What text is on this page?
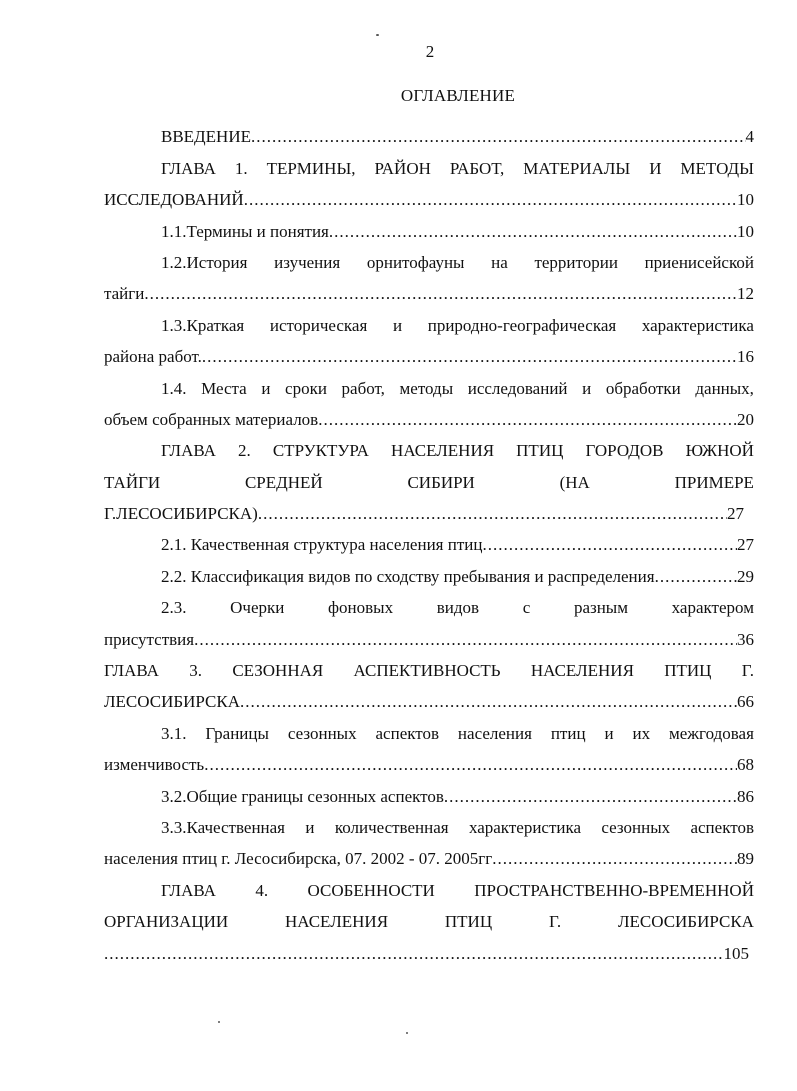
2
ОГЛАВЛЕНИЕ
ВВЕДЕНИЕ .....	4
ГЛАВА 1. ТЕРМИНЫ, РАЙОН РАБОТ, МАТЕРИАЛЫ И МЕТОДЫ
ИССЛЕДОВАНИЙ .....	10
1.1.Термины и понятия .....	10
1.2.История изучения орнитофауны на территории приенисейской
тайги .....	12
1.3.Краткая историческая и природно-географическая характеристика
района работ. .....	16
1.4. Места и сроки работ, методы исследований и обработки данных,
объем собранных материалов .....	20
ГЛАВА 2. СТРУКТУРА НАСЕЛЕНИЯ ПТИЦ ГОРОДОВ ЮЖНОЙ
ТАЙГИ	СРЕДНЕЙ	СИБИРИ	(НА	ПРИМЕРЕ
Г.ЛЕСОСИБИРСКА) .....	27
2.1. Качественная структура населения птиц .....	27
2.2. Классификация видов по сходству пребывания и распределения .....	29
2.3.	Очерки	фоновых	видов	с	разным	характером
присутствия .....	36
ГЛАВА 3. СЕЗОННАЯ АСПЕКТИВНОСТЬ НАСЕЛЕНИЯ ПТИЦ Г.
ЛЕСОСИБИРСКА .....	66
3.1. Границы сезонных аспектов населения птиц и их межгодовая
изменчивость .....	68
3.2.Общие границы сезонных аспектов .....	86
3.3.Качественная и количественная характеристика сезонных аспектов
населения птиц г. Лесосибирска, 07. 2002 - 07. 2005гг .....	89
ГЛАВА 4. ОСОБЕННОСТИ ПРОСТРАНСТВЕННО-ВРЕМЕННОЙ
ОРГАНИЗАЦИИ	НАСЕЛЕНИЯ	ПТИЦ	Г.	ЛЕСОСИБИРСКА
.....
105
